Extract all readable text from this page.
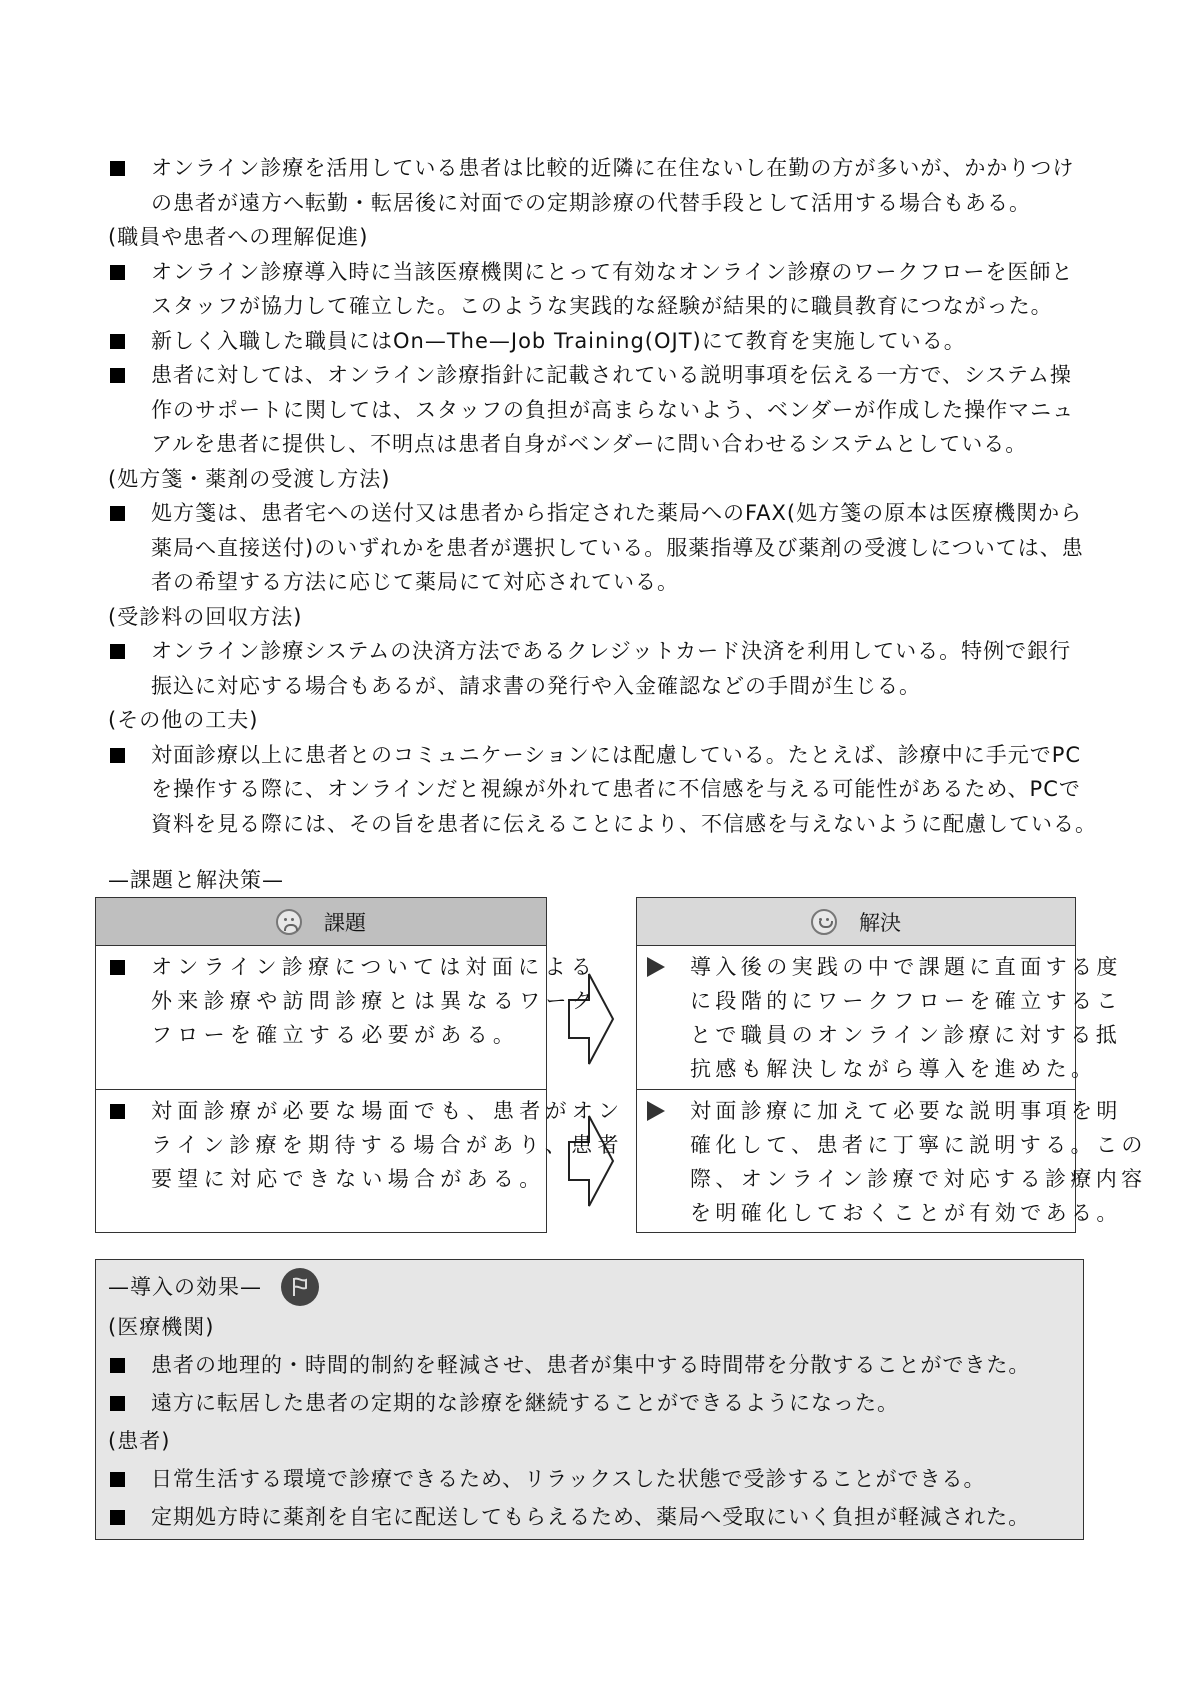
オンライン診療を活用している患者は比較的近隣に在住ないし在勤の方が多いが、かかりつけ
の患者が遠方へ転勤・転居後に対面での定期診療の代替手段として活用する場合もある。
(職員や患者への理解促進)
オンライン診療導入時に当該医療機関にとって有効なオンライン診療のワークフローを医師と
スタッフが協力して確立した。このような実践的な経験が結果的に職員教育につながった。
新しく入職した職員にはOn—The—Job Training(OJT)にて教育を実施している。
患者に対しては、オンライン診療指針に記載されている説明事項を伝える一方で、システム操
作のサポートに関しては、スタッフの負担が高まらないよう、ベンダーが作成した操作マニュ
アルを患者に提供し、不明点は患者自身がベンダーに問い合わせるシステムとしている。
(処方箋・薬剤の受渡し方法)
処方箋は、患者宅への送付又は患者から指定された薬局へのFAX(処方箋の原本は医療機関から
薬局へ直接送付)のいずれかを患者が選択している。服薬指導及び薬剤の受渡しについては、患
者の希望する方法に応じて薬局にて対応されている。
(受診料の回収方法)
オンライン診療システムの決済方法であるクレジットカード決済を利用している。特例で銀行
振込に対応する場合もあるが、請求書の発行や入金確認などの手間が生じる。
(その他の工夫)
対面診療以上に患者とのコミュニケーションには配慮している。たとえば、診療中に手元でPC
を操作する際に、オンラインだと視線が外れて患者に不信感を与える可能性があるため、PCで
資料を見る際には、その旨を患者に伝えることにより、不信感を与えないように配慮している。
—課題と解決策—
課題	解決
オンライン診療については対面による
外来診療や訪問診療とは異なるワーク
フローを確立する必要がある。
導入後の実践の中で課題に直面する度
に段階的にワークフローを確立するこ
とで職員のオンライン診療に対する抵
抗感も解決しながら導入を進めた。
対面診療が必要な場面でも、患者がオン
ライン診療を期待する場合があり、患者
要望に対応できない場合がある。
対面診療に加えて必要な説明事項を明
確化して、患者に丁寧に説明する。この
際、オンライン診療で対応する診療内容
を明確化しておくことが有効である。
—導入の効果—
(医療機関)
患者の地理的・時間的制約を軽減させ、患者が集中する時間帯を分散することができた。
遠方に転居した患者の定期的な診療を継続することができるようになった。
(患者)
日常生活する環境で診療できるため、リラックスした状態で受診することができる。
定期処方時に薬剤を自宅に配送してもらえるため、薬局へ受取にいく負担が軽減された。
